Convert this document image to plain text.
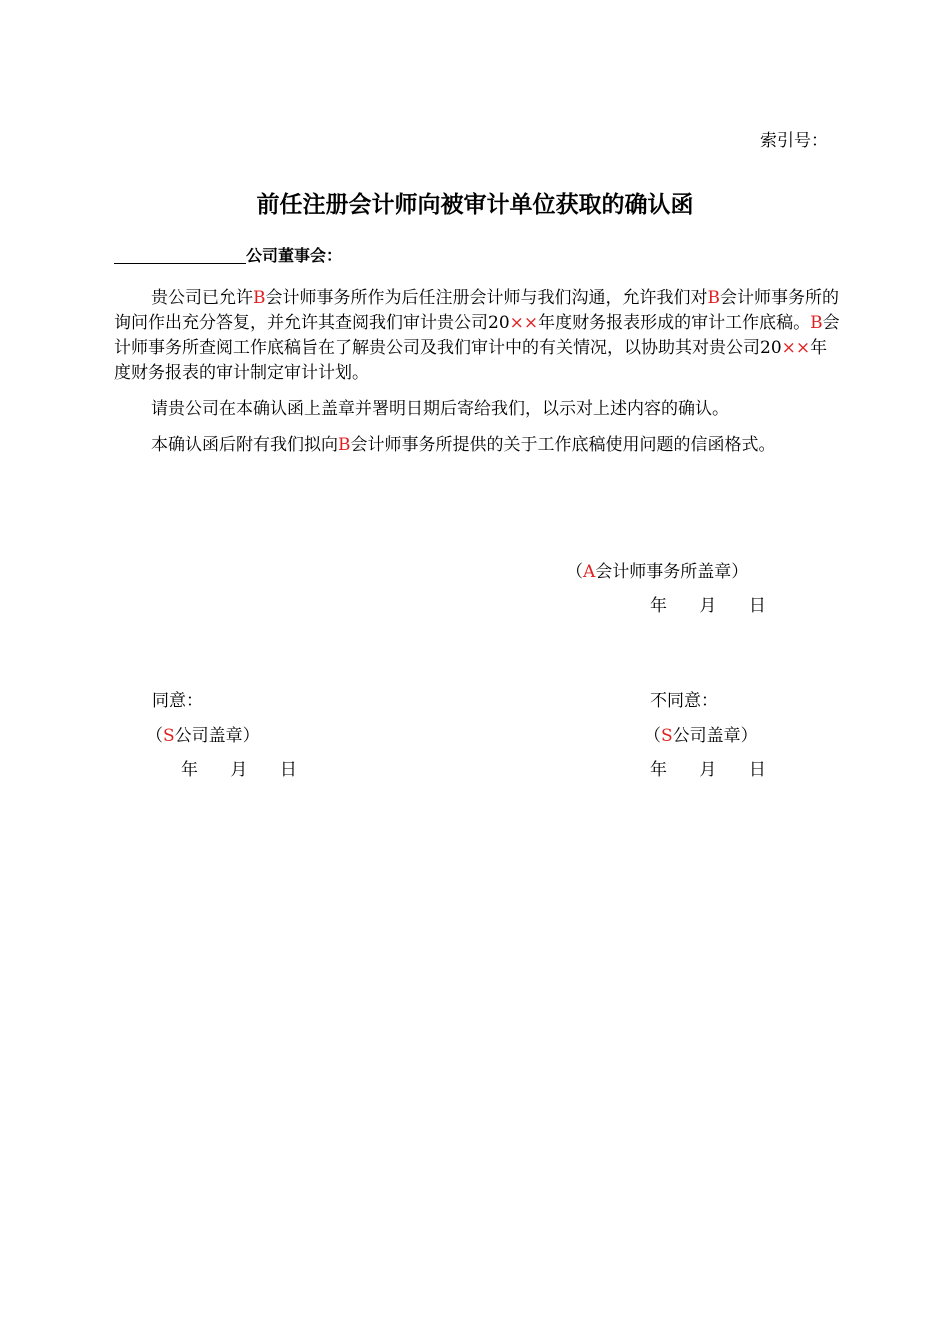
索引号：
前任注册会计师向被审计单位获取的确认函
公司董事会：

贵公司已允许B会计师事务所作为后任注册会计师与我们沟通，允许我们对B会计师事务所的询问作出充分答复，并允许其查阅我们审计贵公司20××年度财务报表形成的审计工作底稿。B会计师事务所查阅工作底稿旨在了解贵公司及我们审计中的有关情况，以协助其对贵公司20××年度财务报表的审计制定审计计划。

请贵公司在本确认函上盖章并署明日期后寄给我们，以示对上述内容的确认。

本确认函后附有我们拟向B会计师事务所提供的关于工作底稿使用问题的信函格式。

（A会计师事务所盖章）
年      月      日
同意：
（S公司盖章）
年      月      日
不同意：
（S公司盖章）
年      月      日
